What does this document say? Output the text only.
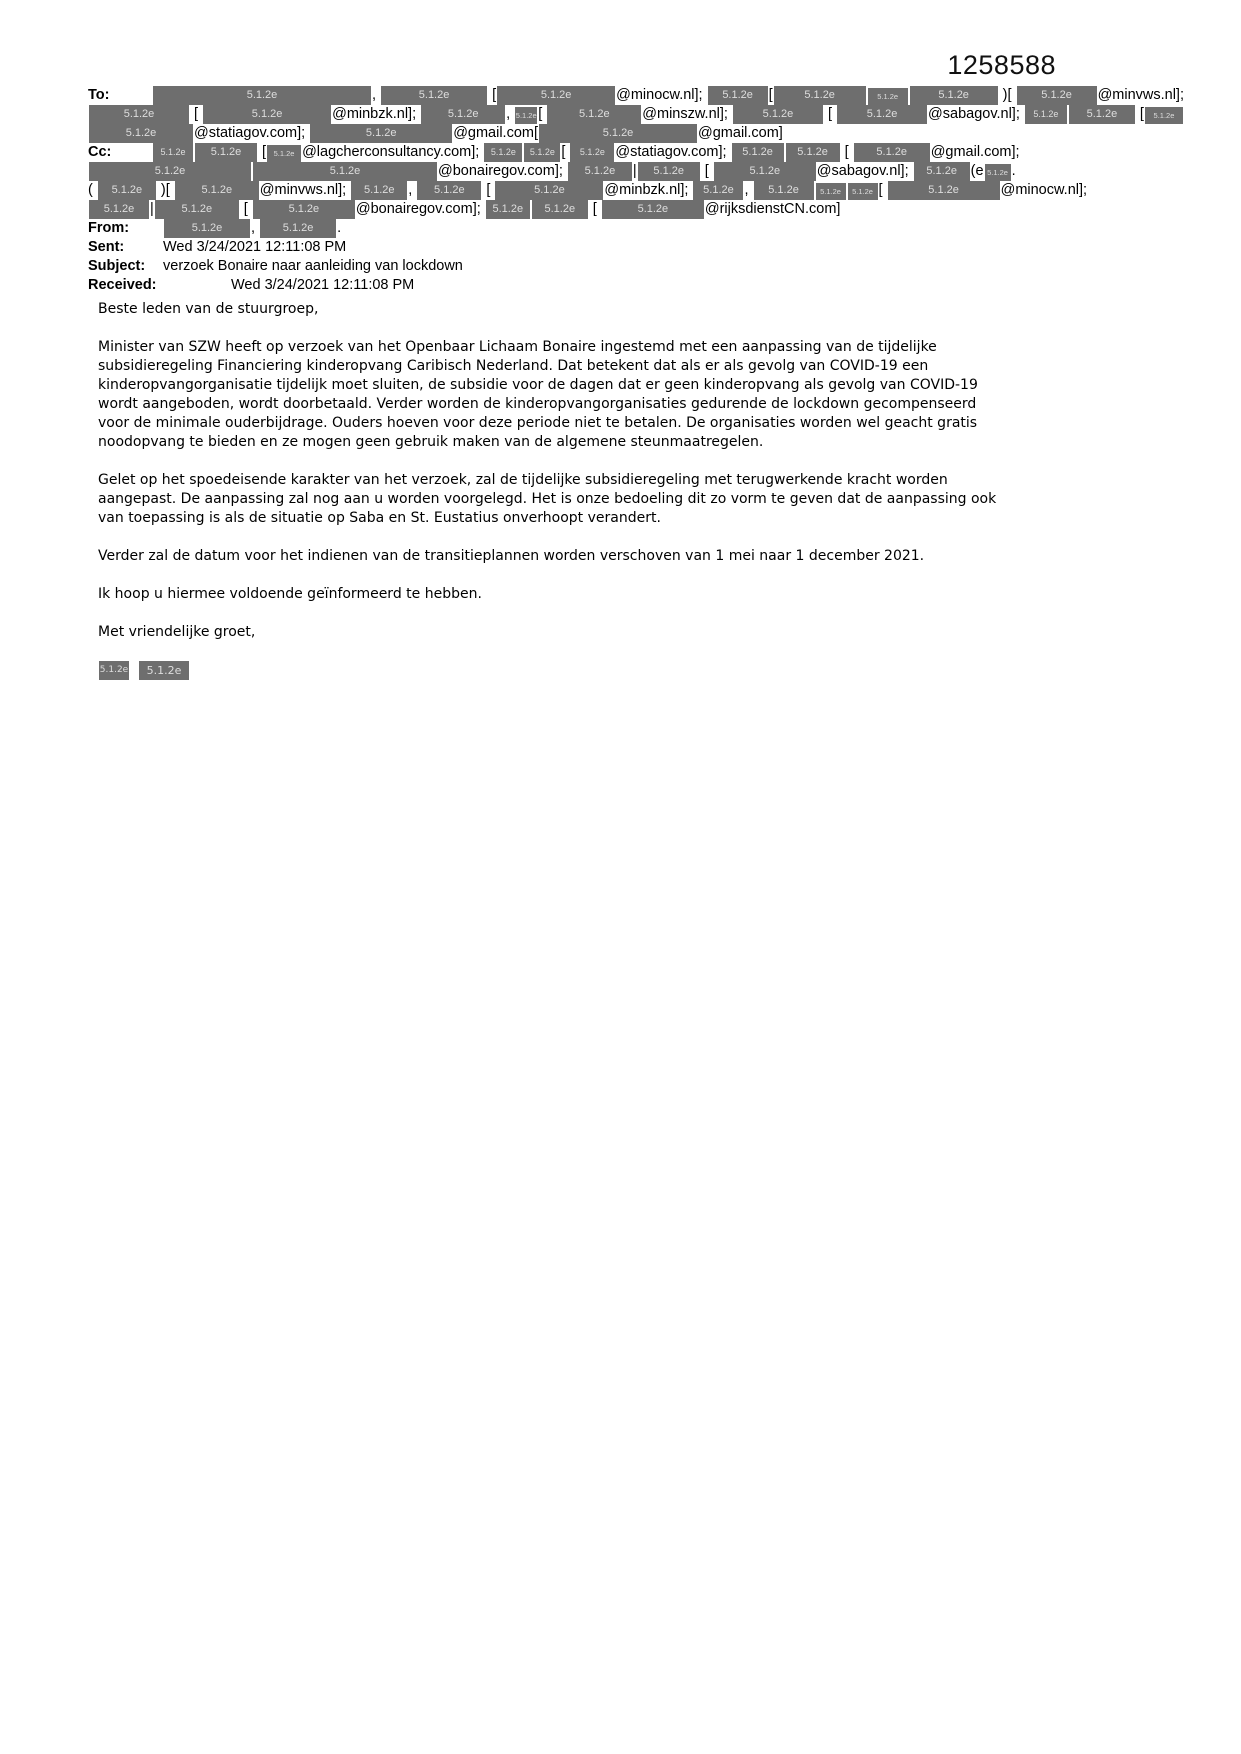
1258588
To:	5.1.2e	,	5.1.2e	[	5.1.2e	@minocw.nl]; 5.1.2e [	5.1.2e	5.1.2e	5.1.2e )[ 5.1.2e @minvws.nl];
5.1.2e [	5.1.2e	@minbzk.nl];	5.1.2e , 5.1.2e [	5.1.2e @minszw.nl];	5.1.2e [	5.1.2e @sabagov.nl]; 5.1.2e	5.1.2e [ 5.1.2e
5.1.2e	@statiagov.com];	5.1.2e	@gmail.com[	5.1.2e	@gmail.com]
Cc:	5.1.2e 5.1.2e [ 5.1.2e @lagcherconsultancy.com]; 5.1.2e 5.1.2e [ 5.1.2e @statiagov.com]; 5.1.2e 5.1.2e [ 5.1.2e @gmail.com];
5.1.2e	5.1.2e	@bonairegov.com]; 5.1.2e | 5.1.2e [	5.1.2e	@sabagov.nl]; 5.1.2e (e 5.1.2e .
( 5.1.2e )[	5.1.2e @minvws.nl]; 5.1.2e , 5.1.2e [	5.1.2e	@minbzk.nl]; 5.1.2e , 5.1.2e	5.1.2e 5.1.2e [	5.1.2e	@minocw.nl];
5.1.2e |	5.1.2e [	5.1.2e	@bonairegov.com]; 5.1.2e 5.1.2e [	5.1.2e	@rijksdienstCN.com]
From:	5.1.2e , 5.1.2e .
Sent:	Wed 3/24/2021 12:11:08 PM
Subject: verzoek Bonaire naar aanleiding van lockdown
Received:	Wed 3/24/2021 12:11:08 PM

Beste leden van de stuurgroep,

Minister van SZW heeft op verzoek van het Openbaar Lichaam Bonaire ingestemd met een aanpassing van de tijdelijke subsidieregeling Financiering kinderopvang Caribisch Nederland. Dat betekent dat als er als gevolg van COVID-19 een kinderopvangorganisatie tijdelijk moet sluiten, de subsidie voor de dagen dat er geen kinderopvang als gevolg van COVID-19 wordt aangeboden, wordt doorbetaald. Verder worden de kinderopvangorganisaties gedurende de lockdown gecompenseerd voor de minimale ouderbijdrage. Ouders hoeven voor deze periode niet te betalen. De organisaties worden wel geacht gratis noodopvang te bieden en ze mogen geen gebruik maken van de algemene steunmaatregelen.

Gelet op het spoedeisende karakter van het verzoek, zal de tijdelijke subsidieregeling met terugwerkende kracht worden aangepast. De aanpassing zal nog aan u worden voorgelegd. Het is onze bedoeling dit zo vorm te geven dat de aanpassing ook van toepassing is als de situatie op Saba en St. Eustatius onverhoopt verandert.

Verder zal de datum voor het indienen van de transitieplannen worden verschoven van 1 mei naar 1 december 2021.

Ik hoop u hiermee voldoende geïnformeerd te hebben.

Met vriendelijke groet,

5.1.2e 5.1.2e
